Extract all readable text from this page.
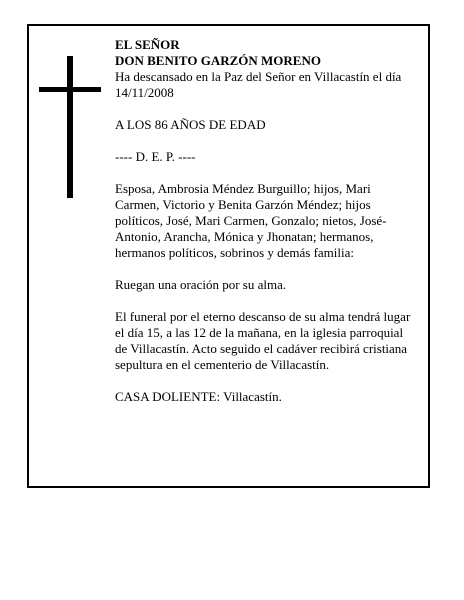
EL SEÑOR

DON BENITO GARZÓN MORENO

Ha descansado en la Paz del Señor en Villacastín el día 14/11/2008

A LOS 86 AÑOS DE EDAD

---- D. E. P. ----

Esposa, Ambrosia Méndez Burguillo; hijos, Mari Carmen, Victorio y Benita Garzón Méndez; hijos políticos, José, Mari Carmen, Gonzalo; nietos, José-Antonio, Arancha, Mónica y Jhonatan; hermanos, hermanos políticos, sobrinos y demás familia:

Ruegan una oración por su alma.

El funeral por el eterno descanso de su alma tendrá lugar el día 15, a las 12 de la mañana, en la iglesia parroquial de Villacastín. Acto seguido el cadáver recibirá cristiana sepultura en el cementerio de Villacastín.

CASA DOLIENTE: Villacastín.
